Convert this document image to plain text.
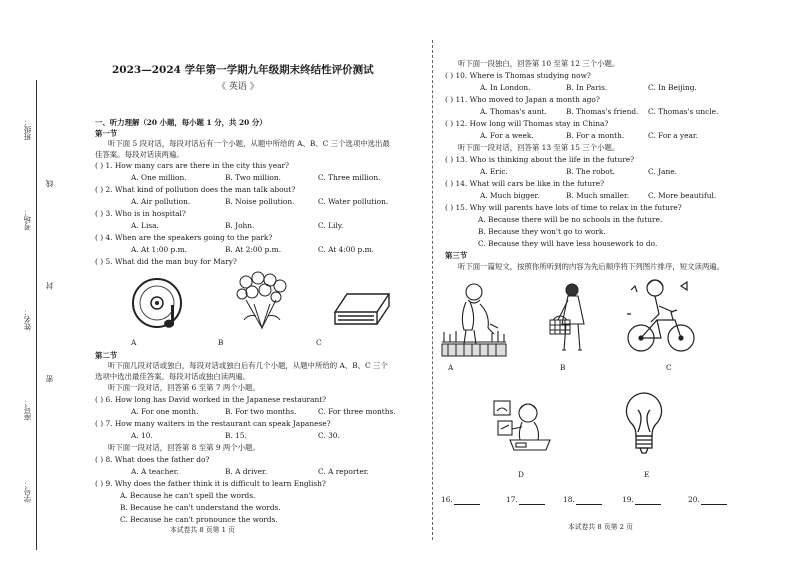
班级：
考场：
姓名：
座号：
学号：
线
封
密
2023—2024 学年第一学期九年级期末终结性评价测试
《 英语 》
一、听力理解（20 小题，每小题 1 分，共 20 分）
第一节
听下面 5 段对话，每段对话后有一个小题，从题中所给的 A、B、C 三个选项中选出最
佳答案。每段对话读两遍。
( ) 1. How many cars are there in the city this year?
A. One million.	B. Two million.	C. Three million.
( ) 2. What kind of pollution does the man talk about?
A. Air pollution.	B. Noise pollution.	C. Water pollution.
( ) 3. Who is in hospital?
A. Lisa.	B. John.	C. Lily.
( ) 4. When are the speakers going to the park?
A. At 1:00 p.m.	B. At 2:00 p.m.	C. At 4:00 p.m.
( ) 5. What did the man buy for Mary?
A	B	C
第二节
听下面几段对话或独白，每段对话或独白后有几个小题，从题中所给的 A、B、C 三个
选项中选出最佳答案。每段对话或独白读两遍。
听下面一段对话，回答第 6 至第 7 两个小题。
( ) 6. How long has David worked in the Japanese restaurant?
A. For one month.	B. For two months.	C. For three months.
( ) 7. How many waiters in the restaurant can speak Japanese?
A. 10.	B. 15.	C. 30.
听下面一段对话，回答第 8 至第 9 两个小题。
( ) 8. What does the father do?
A. A teacher.	B. A driver.	C. A reporter.
( ) 9. Why does the father think it is difficult to learn English?
A. Because he can't spell the words.
B. Because he can't understand the words.
C. Because he can't pronounce the words.
本试卷共 8 页第 1 页
听下面一段独白，回答第 10 至第 12 三个小题。
( ) 10. Where is Thomas studying now?
A. In London.	B. In Paris.	C. In Beijing.
( ) 11. Who moved to Japan a month ago?
A. Thomas's aunt.	B. Thomas's friend. C. Thomas's uncle.
( ) 12. How long will Thomas stay in China?
A. For a week.	B. For a month.	C. For a year.
听下面一段对话，回答第 13 至第 15 三个小题。
( ) 13. Who is thinking about the life in the future?
A. Eric.	B. The robot.	C. Jane.
( ) 14. What will cars be like in the future?
A. Much bigger.	B. Much smaller.	C. More beautiful.
( ) 15. Why will parents have lots of time to relax in the future?
A. Because there will be no schools in the future.
B. Because they won't go to work.
C. Because they will have less housework to do.
第三节
听下面一篇短文，按照你所听到的内容为先后顺序将下列图片排序，短文读两遍。
A	B	C
D	E
16.	17.	18.	19.	20.
本试卷共 8 页第 2 页
